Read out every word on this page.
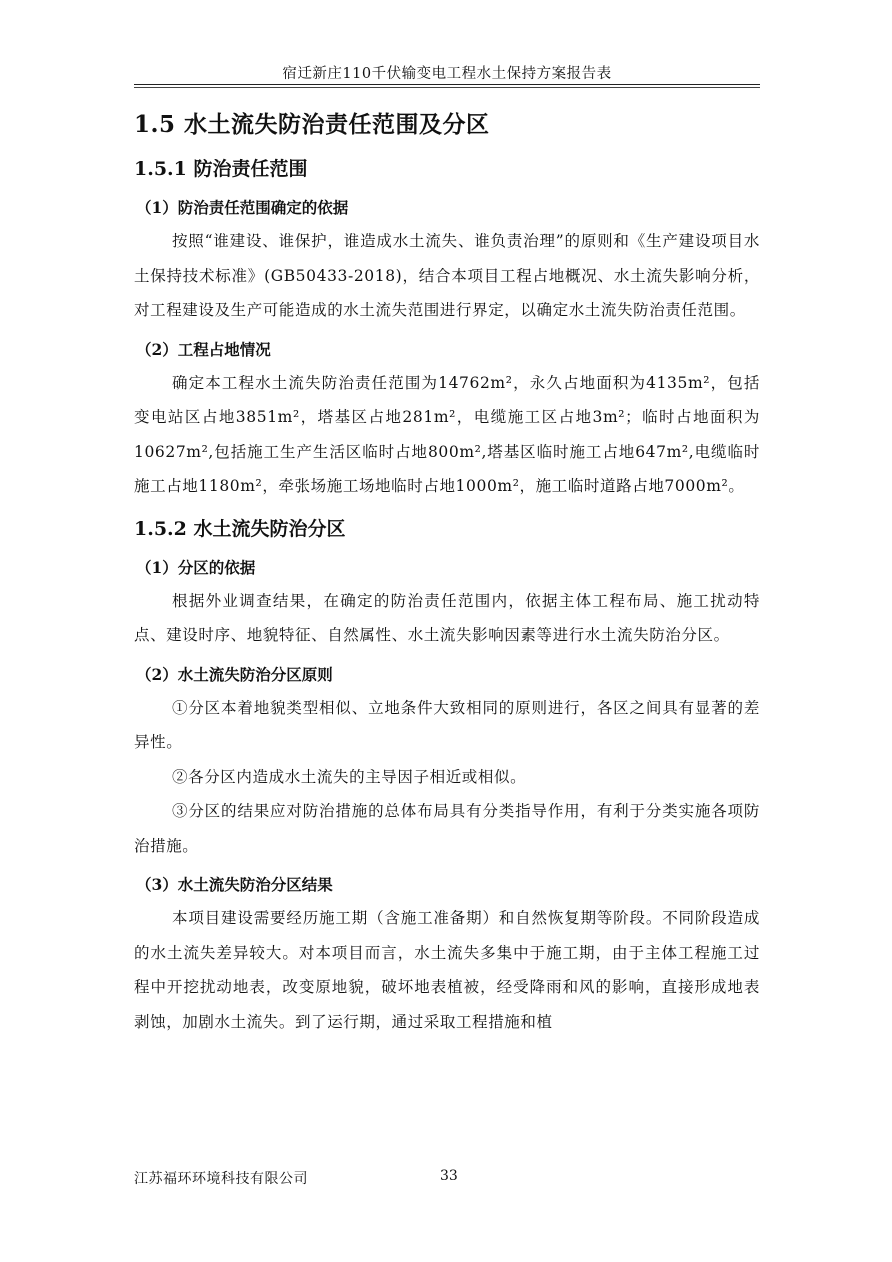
宿迁新庄110千伏输变电工程水土保持方案报告表
1.5 水土流失防治责任范围及分区
1.5.1 防治责任范围
（1）防治责任范围确定的依据

按照“谁建设、谁保护，谁造成水土流失、谁负责治理”的原则和《生产建设项目水土保持技术标准》(GB50433-2018)，结合本项目工程占地概况、水土流失影响分析，对工程建设及生产可能造成的水土流失范围进行界定，以确定水土流失防治责任范围。

（2）工程占地情况

确定本工程水土流失防治责任范围为14762m²，永久占地面积为4135m²，包括变电站区占地3851m²，塔基区占地281m²，电缆施工区占地3m²；临时占地面积为10627m²,包括施工生产生活区临时占地800m²,塔基区临时施工占地647m²,电缆临时施工占地1180m²，牵张场施工场地临时占地1000m²，施工临时道路占地7000m²。

1.5.2 水土流失防治分区
（1）分区的依据

根据外业调查结果，在确定的防治责任范围内，依据主体工程布局、施工扰动特点、建设时序、地貌特征、自然属性、水土流失影响因素等进行水土流失防治分区。

（2）水土流失防治分区原则

①分区本着地貌类型相似、立地条件大致相同的原则进行，各区之间具有显著的差异性。

②各分区内造成水土流失的主导因子相近或相似。

③分区的结果应对防治措施的总体布局具有分类指导作用，有利于分类实施各项防治措施。

（3）水土流失防治分区结果

本项目建设需要经历施工期（含施工准备期）和自然恢复期等阶段。不同阶段造成的水土流失差异较大。对本项目而言，水土流失多集中于施工期，由于主体工程施工过程中开挖扰动地表，改变原地貌，破坏地表植被，经受降雨和风的影响，直接形成地表剥蚀，加剧水土流失。到了运行期，通过采取工程措施和植

江苏福环环境科技有限公司	33
